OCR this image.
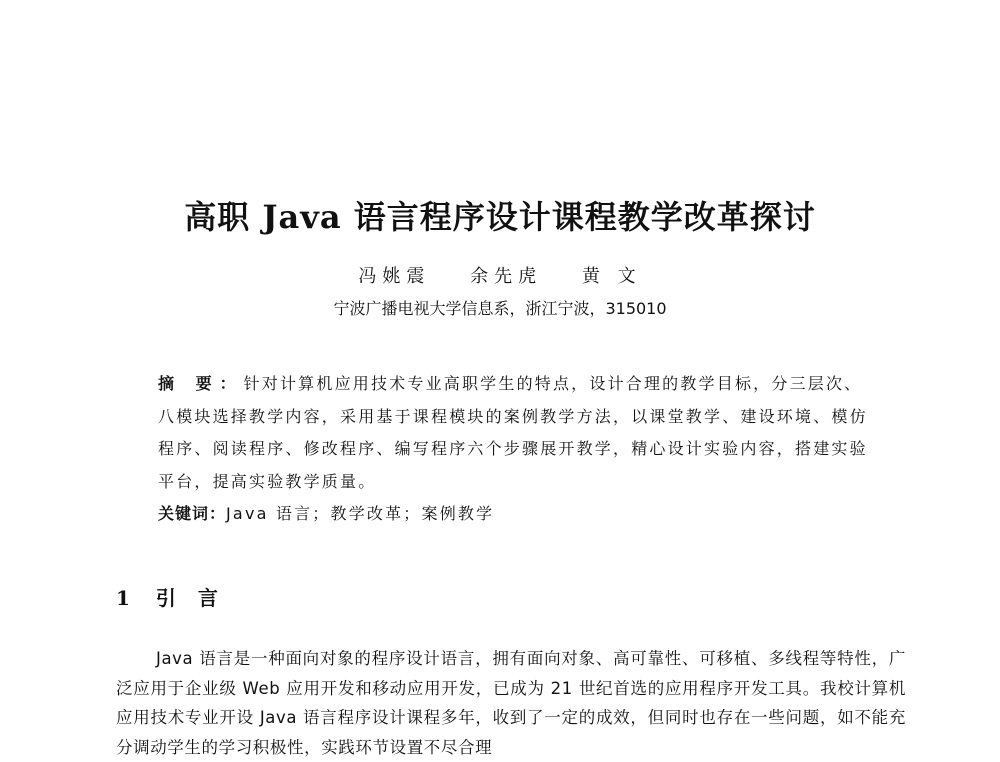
高职 Java 语言程序设计课程教学改革探讨
冯姚震 余先虎 黄 文
宁波广播电视大学信息系，浙江宁波，315010

摘 要：针对计算机应用技术专业高职学生的特点，设计合理的教学目标，分三层次、八模块选择教学内容，采用基于课程模块的案例教学方法，以课堂教学、建设环境、模仿程序、阅读程序、修改程序、编写程序六个步骤展开教学，精心设计实验内容，搭建实验平台，提高实验教学质量。

关键词：Java 语言；教学改革；案例教学

1 引言

Java 语言是一种面向对象的程序设计语言，拥有面向对象、高可靠性、可移植、多线程等特性，广泛应用于企业级 Web 应用开发和移动应用开发，已成为 21 世纪首选的应用程序开发工具。我校计算机应用技术专业开设 Java 语言程序设计课程多年，收到了一定的成效，但同时也存在一些问题，如不能充分调动学生的学习积极性，实践环节设置不尽合理
